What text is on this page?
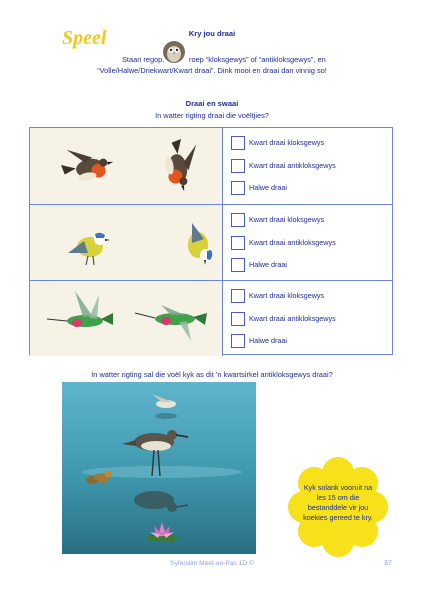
Speel	Kry jou draai
Staan regop,	roep “kloksgewys” of “antikloksgewys”, en
“Volle/Halwe/Driekwart/Kwart draai”. Dink mooi en draai dan vinnig so!
Draai en swaai
In watter rigting draai die voëltjies?
Kwart draai kloksgewys
Kwart draai antikloksgewys
Halwe draai
Kwart draai kloksgewys
Kwart draai antikloksgewys
Halwe draai
Kwart draai kloksgewys
Kwart draai antikloksgewys
Halwe draai
In watter rigting sal die voël kyk as dit ’n kwartsirkel antikloksgewys draai?
Kyk solank vooruit na les 15 om die bestanddele vir jou koekies gereed te kry.
Syferslim Meet-en-Pas 1D ©	37
